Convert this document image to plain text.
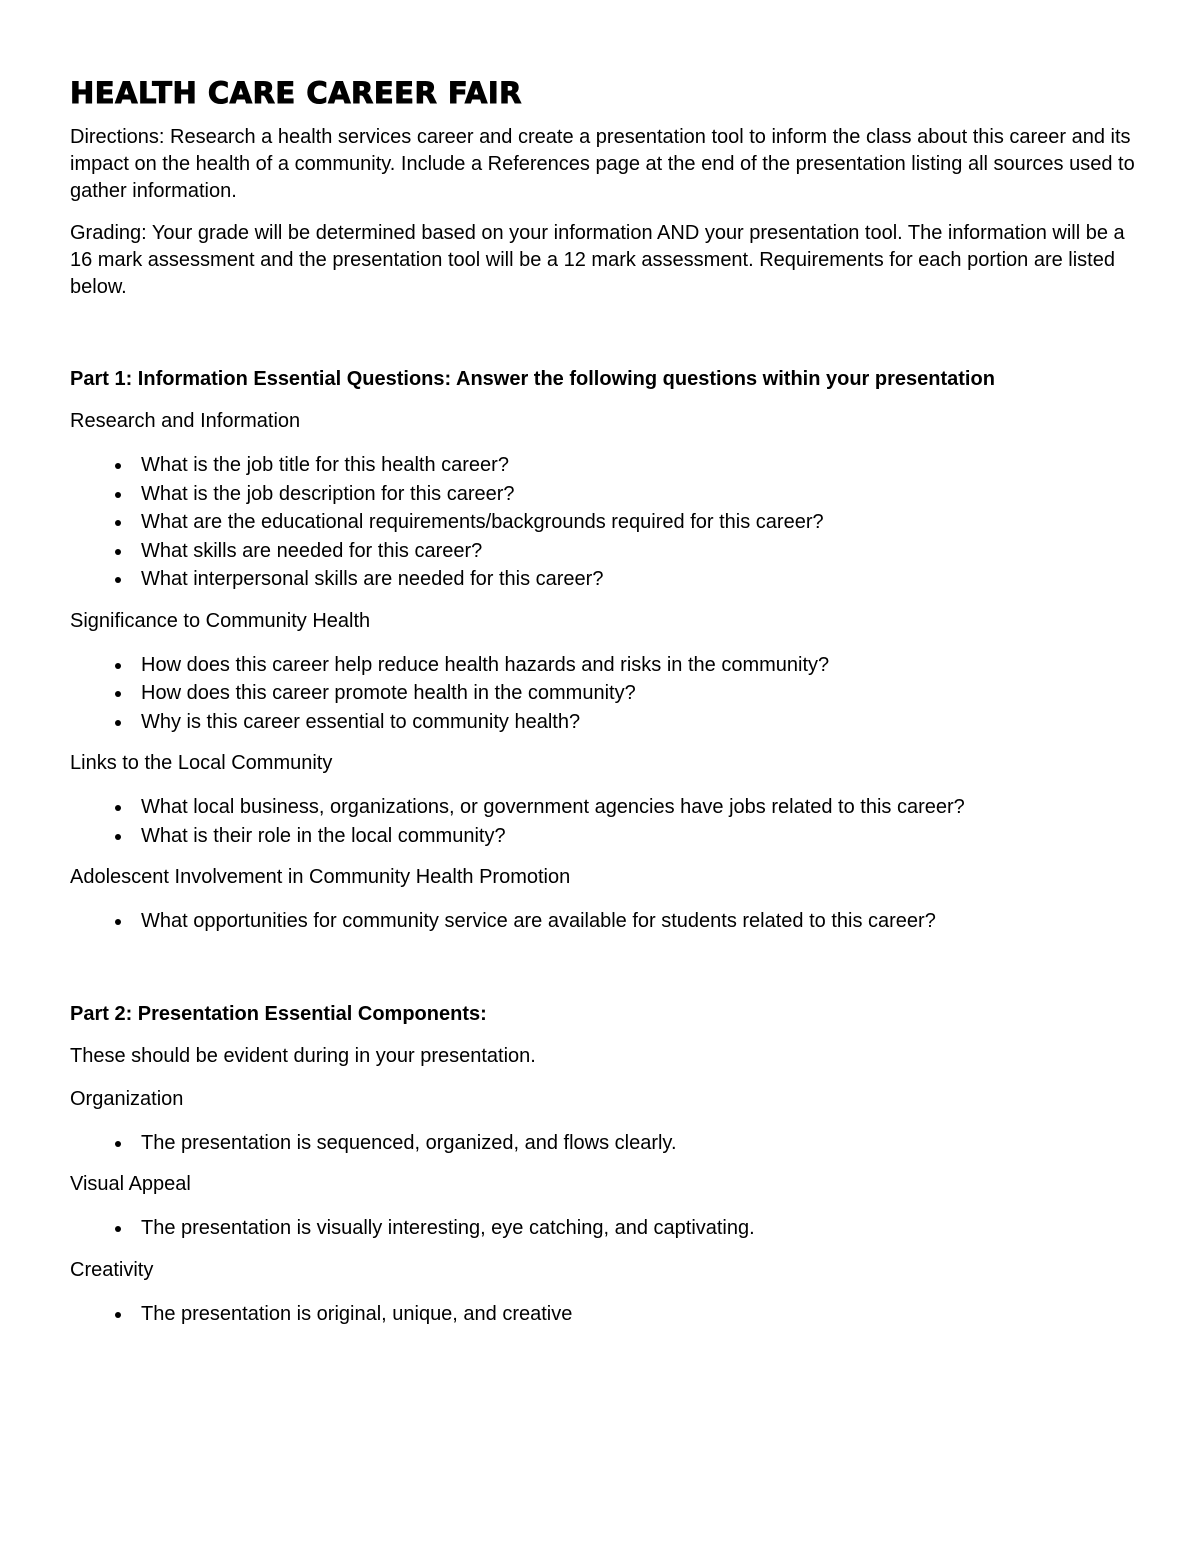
HEALTH CARE CAREER FAIR

Directions: Research a health services career and create a presentation tool to inform the class about this career and its impact on the health of a community. Include a References page at the end of the presentation listing all sources used to gather information.

Grading: Your grade will be determined based on your information AND your presentation tool. The information will be a 16 mark assessment and the presentation tool will be a 12 mark assessment. Requirements for each portion are listed below.

Part 1: Information Essential Questions: Answer the following questions within your presentation
Research and Information
What is the job title for this health career?
What is the job description for this career?
What are the educational requirements/backgrounds required for this career?
What skills are needed for this career?
What interpersonal skills are needed for this career?
Significance to Community Health
How does this career help reduce health hazards and risks in the community?
How does this career promote health in the community?
Why is this career essential to community health?
Links to the Local Community
What local business, organizations, or government agencies have jobs related to this career?
What is their role in the local community?
Adolescent Involvement in Community Health Promotion
What opportunities for community service are available for students related to this career?
Part 2: Presentation Essential Components:
These should be evident during in your presentation.
Organization
The presentation is sequenced, organized, and flows clearly.
Visual Appeal
The presentation is visually interesting, eye catching, and captivating.
Creativity
The presentation is original, unique, and creative
